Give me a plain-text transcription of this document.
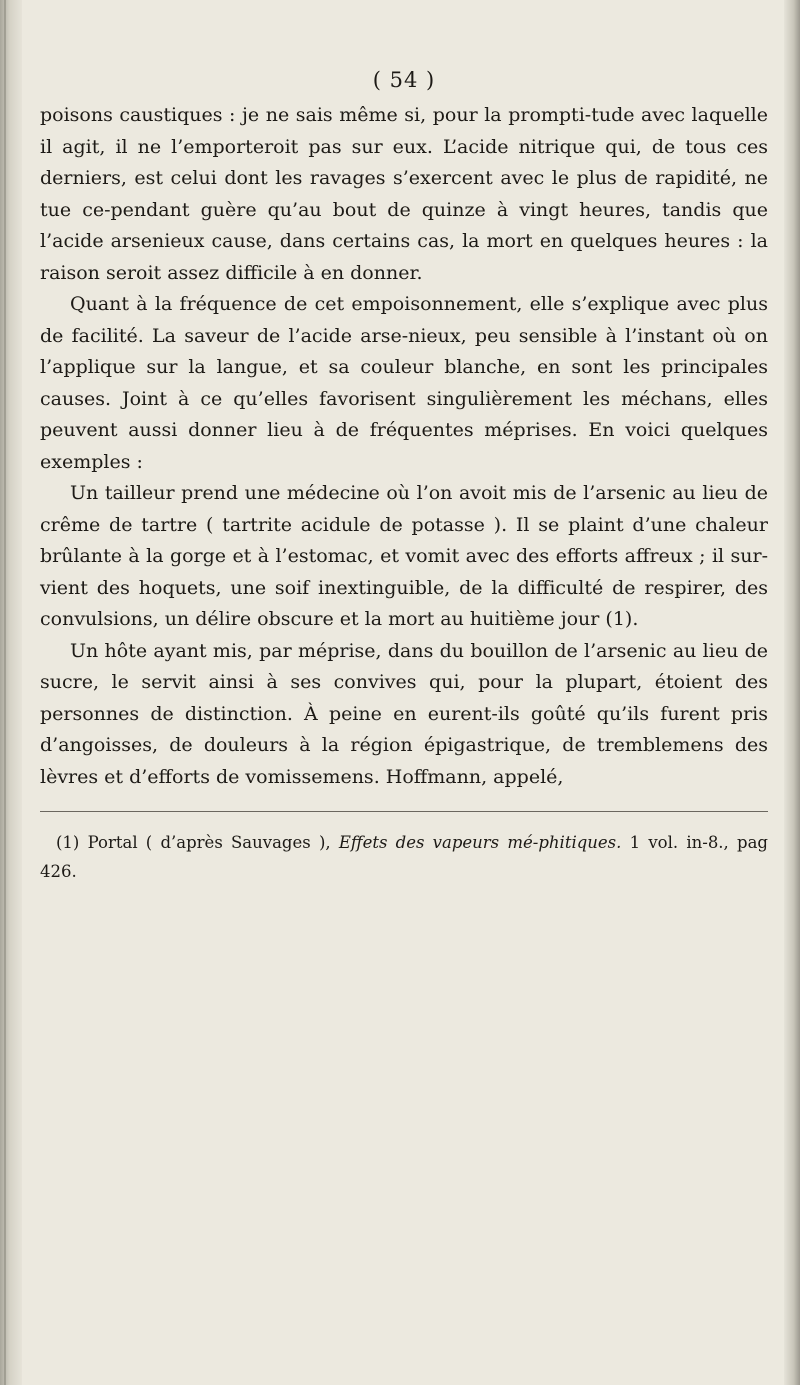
( 54 )

poisons caustiques : je ne sais même si, pour la prompti-tude avec laquelle il agit, il ne l’emporteroit pas sur eux. L’acide nitrique qui, de tous ces derniers, est celui dont les ravages s’exercent avec le plus de rapidité, ne tue ce-pendant guère qu’au bout de quinze à vingt heures, tandis que l’acide arsenieux cause, dans certains cas, la mort en quelques heures : la raison seroit assez difficile à en donner.

Quant à la fréquence de cet empoisonnement, elle s’explique avec plus de facilité. La saveur de l’acide arse-nieux, peu sensible à l’instant où on l’applique sur la langue, et sa couleur blanche, en sont les principales causes. Joint à ce qu’elles favorisent singulièrement les méchans, elles peuvent aussi donner lieu à de fréquentes méprises. En voici quelques exemples :

Un tailleur prend une médecine où l’on avoit mis de l’arsenic au lieu de crême de tartre ( tartrite acidule de potasse ). Il se plaint d’une chaleur brûlante à la gorge et à l’estomac, et vomit avec des efforts affreux ; il sur-vient des hoquets, une soif inextinguible, de la difficulté de respirer, des convulsions, un délire obscure et la mort au huitième jour (1).

Un hôte ayant mis, par méprise, dans du bouillon de l’arsenic au lieu de sucre, le servit ainsi à ses convives qui, pour la plupart, étoient des personnes de distinction. À peine en eurent-ils goûté qu’ils furent pris d’angoisses, de douleurs à la région épigastrique, de tremblemens des lèvres et d’efforts de vomissemens. Hoffmann, appelé,

(1) Portal ( d’après Sauvages ), Effets des vapeurs mé-phitiques. 1 vol. in-8., pag 426.
